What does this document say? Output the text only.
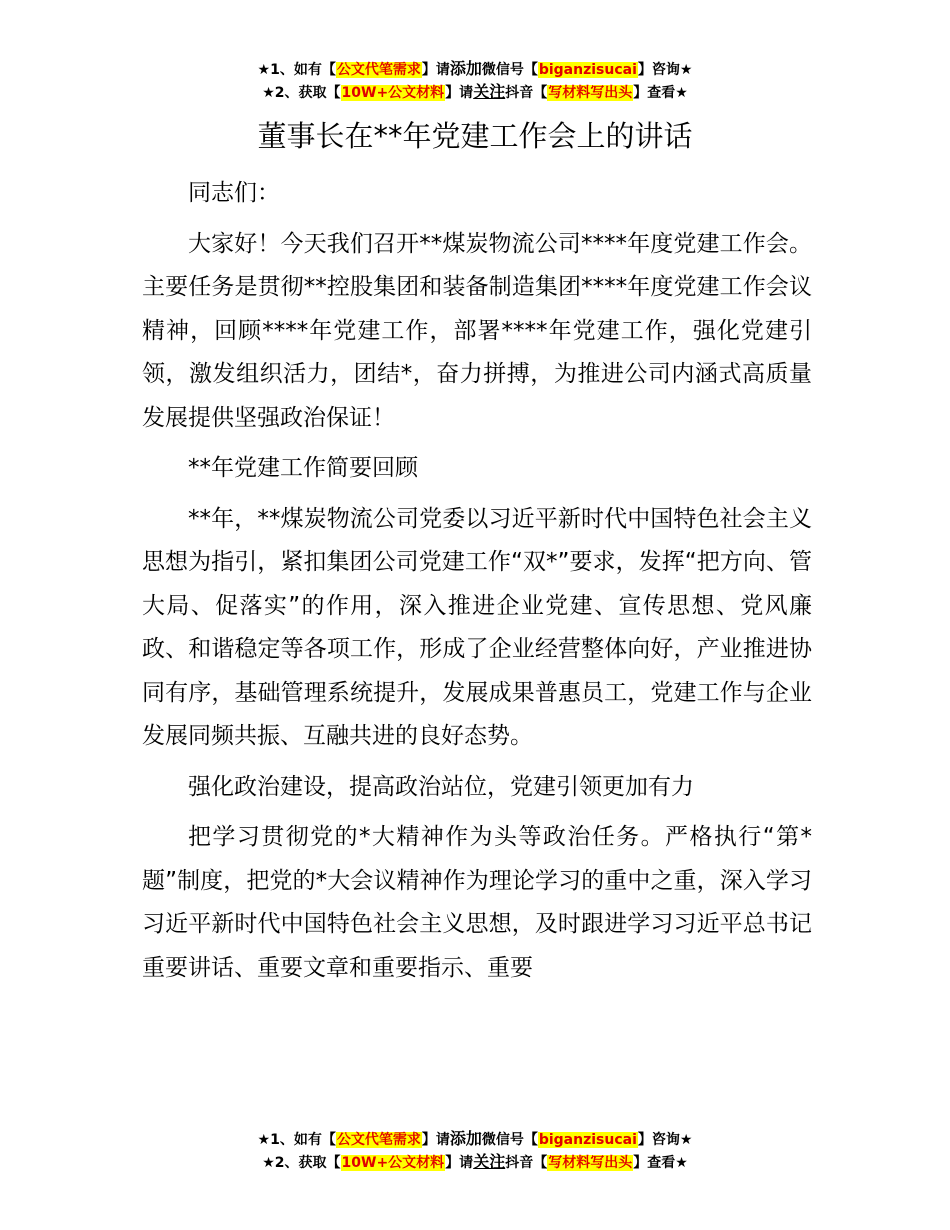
★1、如有【公文代笔需求】请添加微信号【biganzisucai】咨询★
★2、获取【10W+公文材料】请关注抖音【写材料写出头】查看★
董事长在**年党建工作会上的讲话

同志们：

大家好！今天我们召开**煤炭物流公司****年度党建工作会。主要任务是贯彻**控股集团和装备制造集团****年度党建工作会议精神，回顾****年党建工作，部署****年党建工作，强化党建引领，激发组织活力，团结*，奋力拼搏，为推进公司内涵式高质量发展提供坚强政治保证！

**年党建工作简要回顾

**年，**煤炭物流公司党委以习近平新时代中国特色社会主义思想为指引，紧扣集团公司党建工作“双*”要求，发挥“把方向、管大局、促落实”的作用，深入推进企业党建、宣传思想、党风廉政、和谐稳定等各项工作，形成了企业经营整体向好，产业推进协同有序，基础管理系统提升，发展成果普惠员工，党建工作与企业发展同频共振、互融共进的良好态势。

强化政治建设，提高政治站位，党建引领更加有力

把学习贯彻党的*大精神作为头等政治任务。严格执行“第*题”制度，把党的*大会议精神作为理论学习的重中之重，深入学习习近平新时代中国特色社会主义思想，及时跟进学习习近平总书记重要讲话、重要文章和重要指示、重要

★1、如有【公文代笔需求】请添加微信号【biganzisucai】咨询★
★2、获取【10W+公文材料】请关注抖音【写材料写出头】查看★
